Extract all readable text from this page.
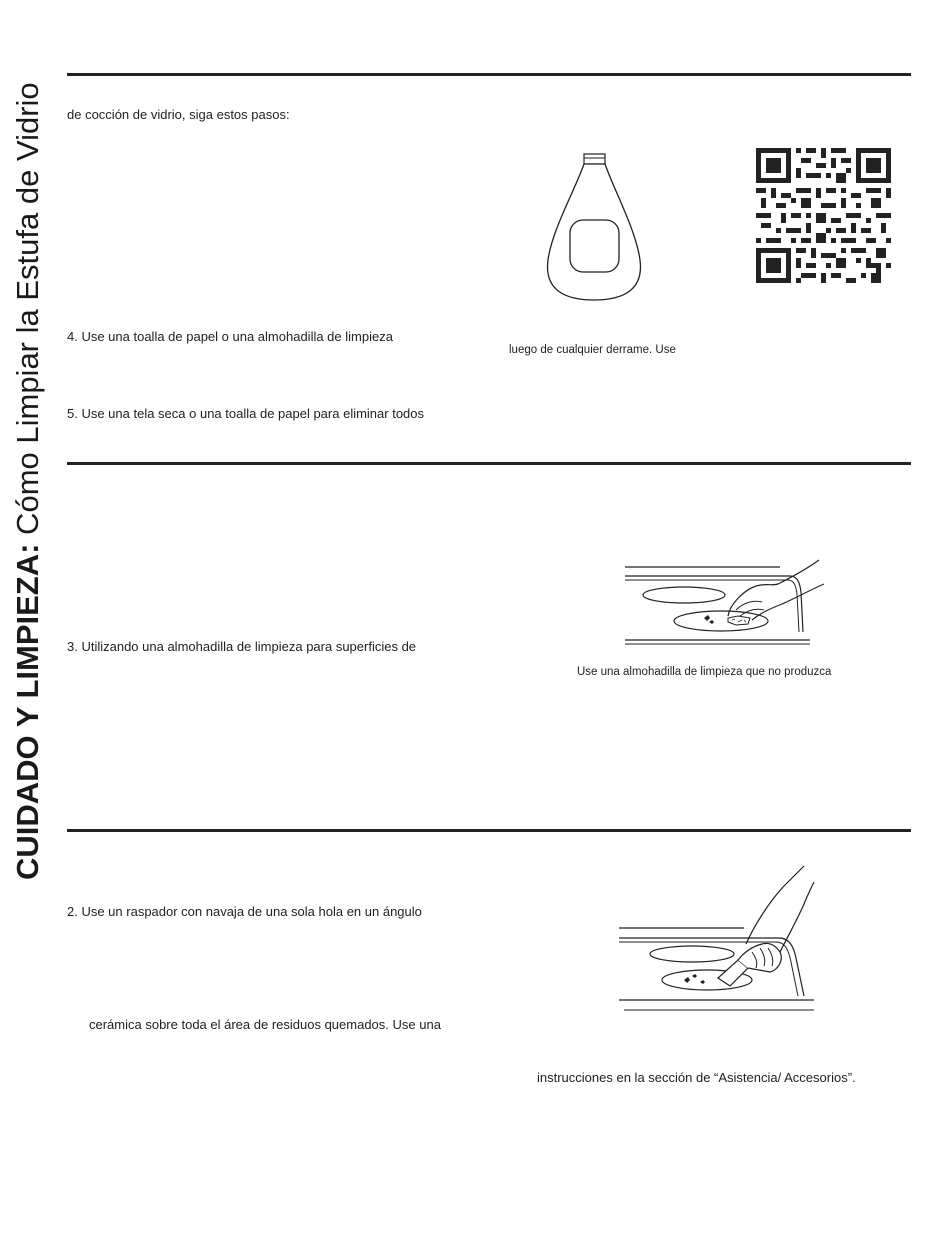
CUIDADO Y LIMPIEZA: Cómo Limpiar la Estufa de Vidrio de cocción de vidrio, siga estos pasos:
4. Use una toalla de papel o una almohadilla de limpieza
luego de cualquier derrame. Use
5. Use una tela seca o una toalla de papel para eliminar todos
3. Utilizando una almohadilla de limpieza para superficies de
Use una almohadilla de limpieza que no produzca
2. Use un raspador con navaja de una sola hola en un ángulo
cerámica sobre toda el área de residuos quemados. Use una
instrucciones en la sección de “Asistencia/ Accesorios”.
